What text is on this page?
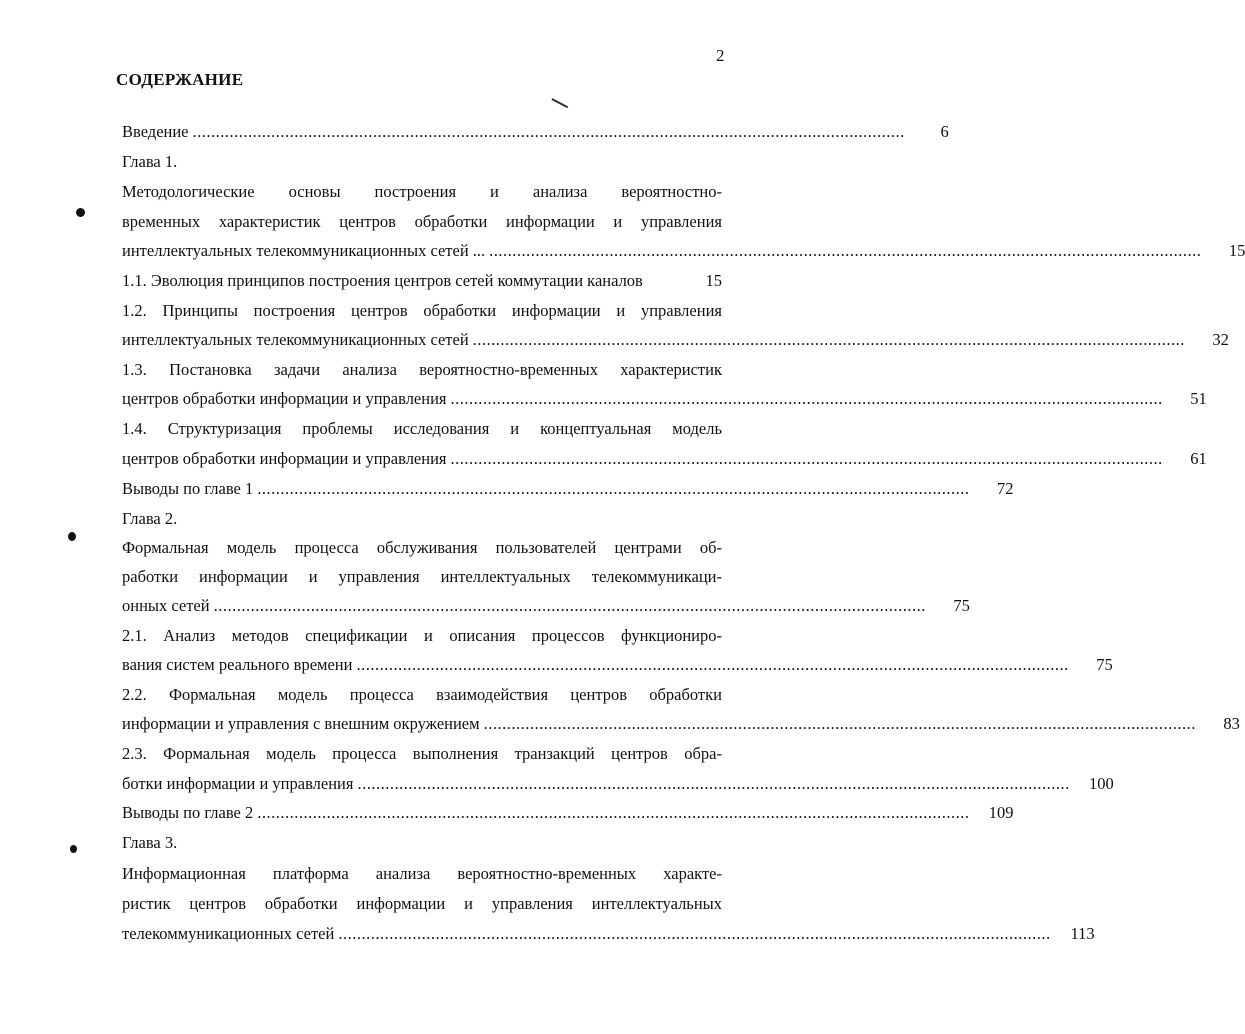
2
СОДЕРЖАНИЕ
Введение ..........................................................................................................................................................	6
Глава 1.
Методологические основы построения и анализа вероятностно-
временных характеристик центров обработки информации и управления
интеллектуальных телекоммуникационных сетей ... ..........................................................................................................................................................	15
1.1. Эволюция принципов построения центров сетей коммутации каналов	15
1.2. Принципы построения центров обработки информации и управления
интеллектуальных телекоммуникационных сетей ..........................................................................................................................................................	32
1.3. Постановка задачи анализа вероятностно-временных характеристик
центров обработки информации и управления ..........................................................................................................................................................	51
1.4. Структуризация проблемы исследования и концептуальная модель
центров обработки информации и управления ..........................................................................................................................................................	61
Выводы по главе 1 ..........................................................................................................................................................	72
Глава 2.
Формальная модель процесса обслуживания пользователей центрами об-
работки информации и управления интеллектуальных телекоммуникаци-
онных сетей ..........................................................................................................................................................	75
2.1. Анализ методов спецификации и описания процессов функциониро-
вания систем реального времени ..........................................................................................................................................................	75
2.2. Формальная модель процесса взаимодействия центров обработки
информации и управления с внешним окружением ..........................................................................................................................................................	83
2.3. Формальная модель процесса выполнения транзакций центров обра-
ботки информации и управления ..........................................................................................................................................................	100
Выводы по главе 2 ..........................................................................................................................................................	109
Глава 3.
Информационная платформа анализа вероятностно-временных характе-
ристик центров обработки информации и управления интеллектуальных
телекоммуникационных сетей ..........................................................................................................................................................	113
